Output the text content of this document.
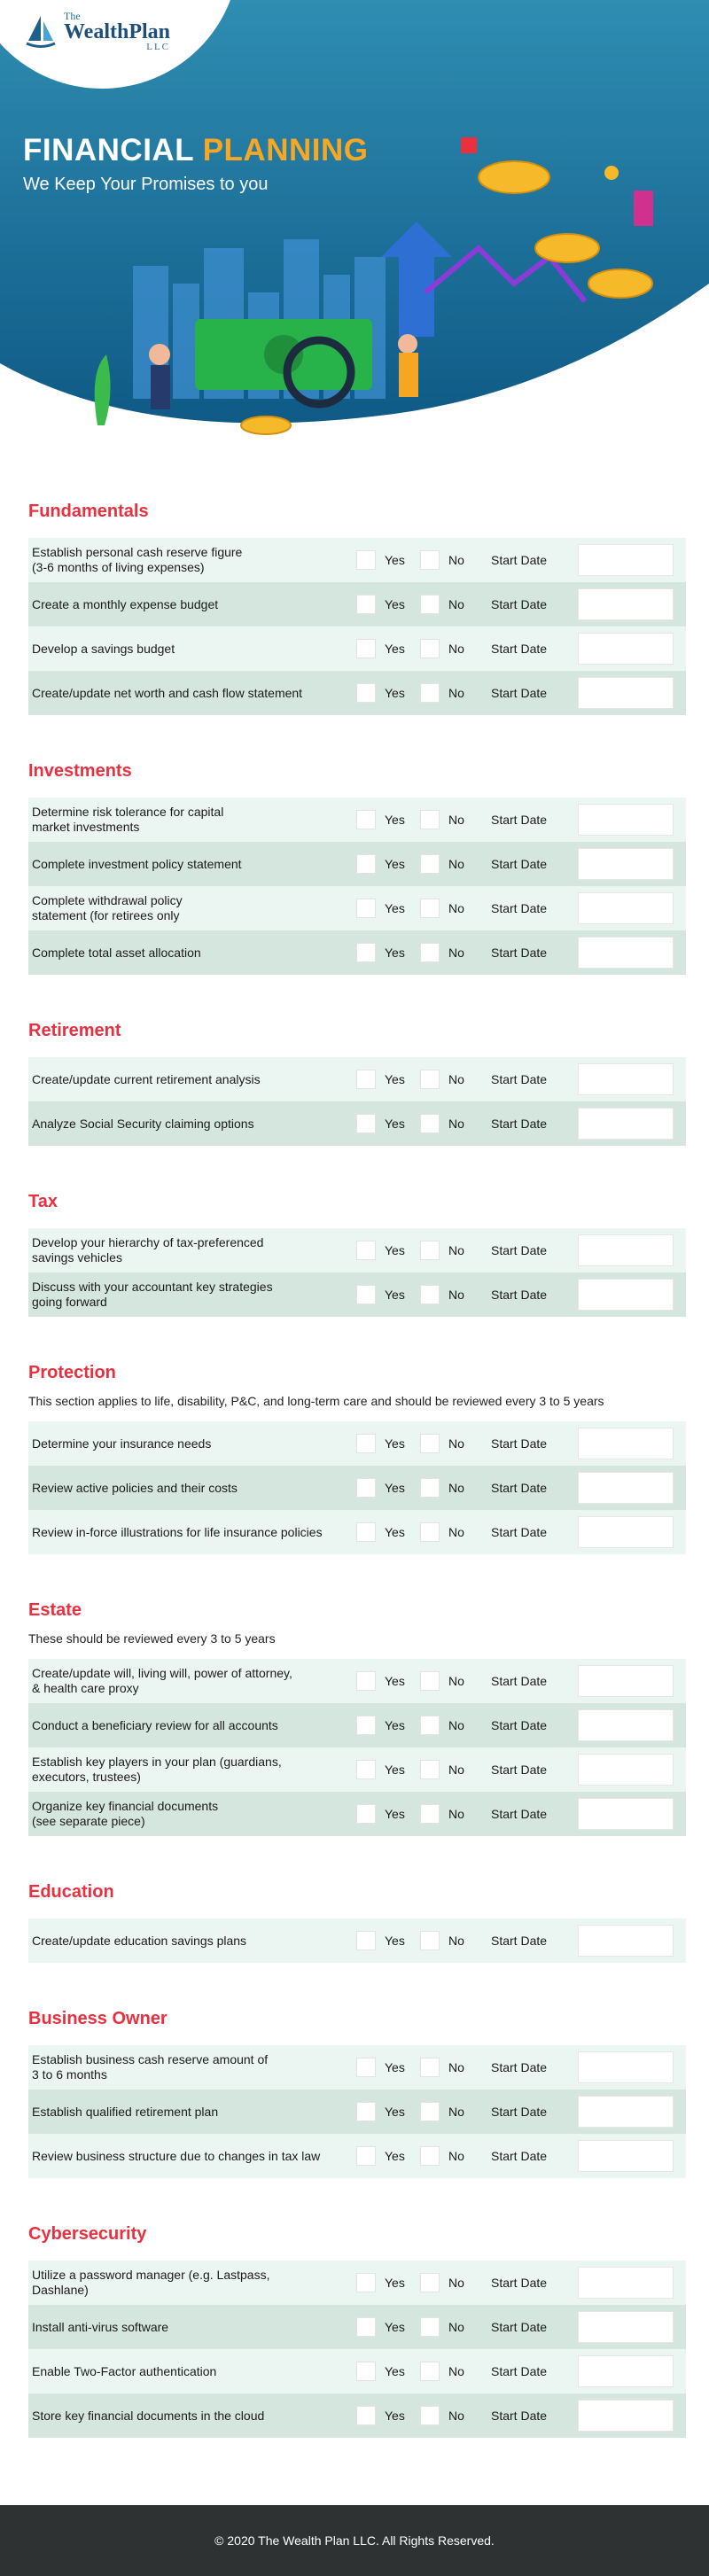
The
WealthPlan
LLC
FINANCIAL PLANNING
We Keep Your Promises to you
Fundamentals
Establish personal cash reserve figure
(3-6 months of living expenses)	Yes	No Start Date
Create a monthly expense budget	Yes	No Start Date
Develop a savings budget	Yes	No Start Date
Create/update net worth and cash flow statement	Yes	No Start Date
Investments
Determine risk tolerance for capital
market investments	Yes	No Start Date
Complete investment policy statement	Yes	No Start Date
Complete withdrawal policy
statement (for retirees only	Yes	No Start Date
Complete total asset allocation	Yes	No Start Date
Retirement
Create/update current retirement analysis	Yes	No Start Date
Analyze Social Security claiming options	Yes	No Start Date
Tax
Develop your hierarchy of tax-preferenced
savings vehicles	Yes	No Start Date
Discuss with your accountant key strategies
going forward	Yes	No Start Date
Protection

This section applies to life, disability, P&C, and long-term care and should be reviewed every 3 to 5 years

Determine your insurance needs	Yes	No Start Date
Review active policies and their costs	Yes	No Start Date
Review in-force illustrations for life insurance policies	Yes	No Start Date
Estate

These should be reviewed every 3 to 5 years

Create/update will, living will, power of attorney,
& health care proxy	Yes	No Start Date
Conduct a beneficiary review for all accounts	Yes	No Start Date
Establish key players in your plan (guardians,
executors, trustees)	Yes	No Start Date
Organize key financial documents
(see separate piece)	Yes	No Start Date
Education
Create/update education savings plans	Yes	No Start Date
Business Owner
Establish business cash reserve amount of
3 to 6 months	Yes	No Start Date
Establish qualified retirement plan	Yes	No Start Date
Review business structure due to changes in tax law	Yes	No Start Date
Cybersecurity
Utilize a password manager (e.g. Lastpass,
Dashlane)	Yes	No Start Date
Install anti-virus software	Yes	No Start Date
Enable Two-Factor authentication	Yes	No Start Date
Store key financial documents in the cloud	Yes	No Start Date
© 2020 The Wealth Plan LLC. All Rights Reserved.
